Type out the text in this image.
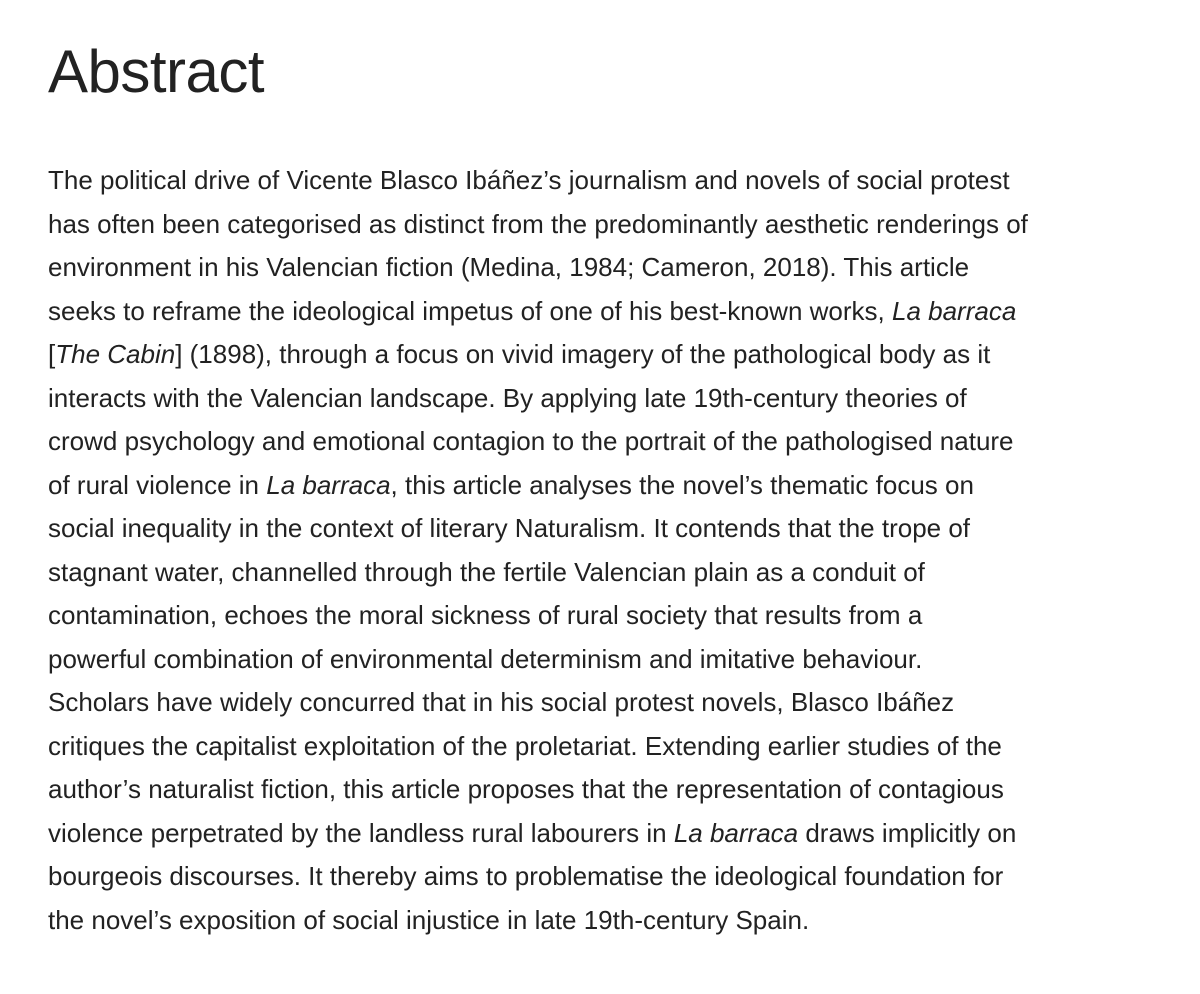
Abstract

The political drive of Vicente Blasco Ibáñez’s journalism and novels of social protest
has often been categorised as distinct from the predominantly aesthetic renderings of
environment in his Valencian fiction (Medina, 1984; Cameron, 2018). This article
seeks to reframe the ideological impetus of one of his best-known works, La barraca
[The Cabin] (1898), through a focus on vivid imagery of the pathological body as it
interacts with the Valencian landscape. By applying late 19th-century theories of
crowd psychology and emotional contagion to the portrait of the pathologised nature
of rural violence in La barraca, this article analyses the novel’s thematic focus on
social inequality in the context of literary Naturalism. It contends that the trope of
stagnant water, channelled through the fertile Valencian plain as a conduit of
contamination, echoes the moral sickness of rural society that results from a
powerful combination of environmental determinism and imitative behaviour.
Scholars have widely concurred that in his social protest novels, Blasco Ibáñez
critiques the capitalist exploitation of the proletariat. Extending earlier studies of the
author’s naturalist fiction, this article proposes that the representation of contagious
violence perpetrated by the landless rural labourers in La barraca draws implicitly on
bourgeois discourses. It thereby aims to problematise the ideological foundation for
the novel’s exposition of social injustice in late 19th-century Spain.
